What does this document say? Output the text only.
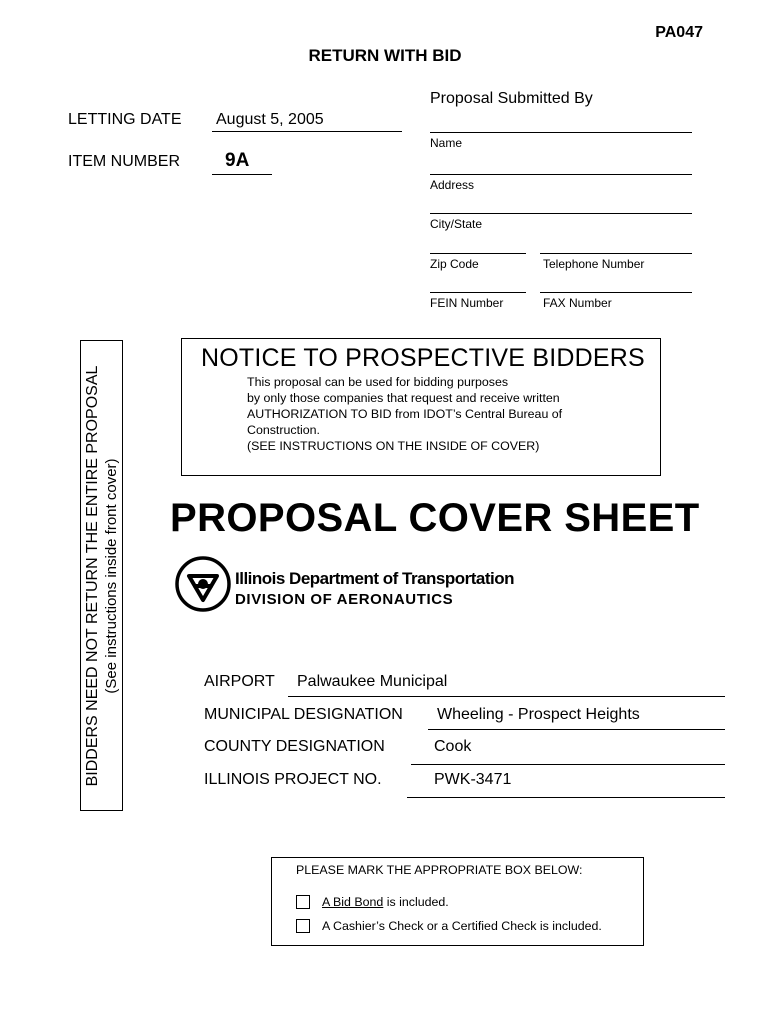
PA047
RETURN WITH BID
LETTING DATE August 5, 2005
ITEM NUMBER 9A
Proposal Submitted By
Name
Address
City/State
Zip Code	Telephone Number
FEIN Number	FAX Number
BIDDERS NEED NOT RETURN THE ENTIRE PROPOSAL (See instructions inside front cover)
NOTICE TO PROSPECTIVE BIDDERS
This proposal can be used for bidding purposes
by only those companies that request and receive written
AUTHORIZATION TO BID from IDOT’s Central Bureau of
Construction.
(SEE INSTRUCTIONS ON THE INSIDE OF COVER)
PROPOSAL COVER SHEET
Illinois Department of Transportation
DIVISION OF AERONAUTICS
AIRPORT Palwaukee Municipal
MUNICIPAL DESIGNATION Wheeling - Prospect Heights
COUNTY DESIGNATION	Cook
ILLINOIS PROJECT NO.	PWK-3471
PLEASE MARK THE APPROPRIATE BOX BELOW:
A Bid Bond is included.
A Cashier’s Check or a Certified Check is included.
